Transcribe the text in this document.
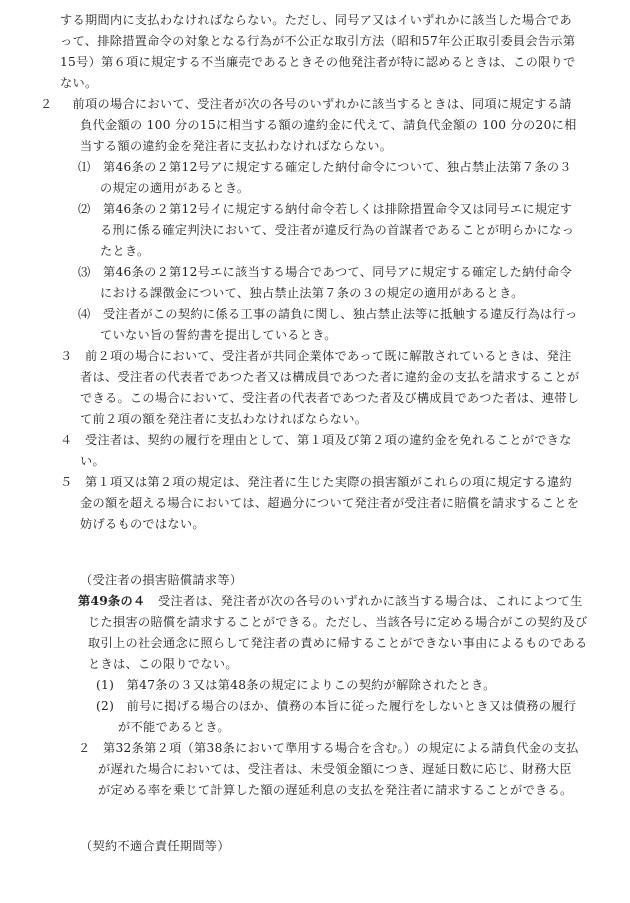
する期間内に支払わなければならない。ただし、同号ア又はイいずれかに該当した場合であって、排除措置命令の対象となる行為が不公正な取引方法（昭和57年公正取引委員会告示第15号）第６項に規定する不当廉売であるときその他発注者が特に認めるときは、この限りでない。

２　 前項の場合において、受注者が次の各号のいずれかに該当するときは、同項に規定する請負代金額の 100 分の15に相当する額の違約金に代えて、請負代金額の 100 分の20に相当する額の違約金を発注者に支払わなければならない。

⑴　 第46条の２第12号アに規定する確定した納付命令について、独占禁止法第７条の３の規定の適用があるとき。

⑵　 第46条の２第12号イに規定する納付命令若しくは排除措置命令又は同号エに規定する刑に係る確定判決において、受注者が違反行為の首謀者であることが明らかになったとき。

⑶　 第46条の２第12号エに該当する場合であつて、同号アに規定する確定した納付命令における課徴金について、独占禁止法第７条の３の規定の適用があるとき。

⑷　 受注者がこの契約に係る工事の請負に関し、独占禁止法等に抵触する違反行為は行っていない旨の誓約書を提出しているとき。

３　 前２項の場合において、受注者が共同企業体であって既に解散されているときは、発注者は、受注者の代表者であつた者又は構成員であつた者に違約金の支払を請求することができる。この場合において、受注者の代表者であつた者及び構成員であつた者は、連帯して前２項の額を発注者に支払わなければならない。

４　 受注者は、契約の履行を理由として、第１項及び第２項の違約金を免れることができない。

５　 第１項又は第２項の規定は、発注者に生じた実際の損害額がこれらの項に規定する違約金の額を超える場合においては、超過分について発注者が受注者に賠償を請求することを妨げるものではない。

（受注者の損害賠償請求等）

第49条の４　 受注者は、発注者が次の各号のいずれかに該当する場合は、これによつて生じた損害の賠償を請求することができる。ただし、当該各号に定める場合がこの契約及び取引上の社会通念に照らして発注者の責めに帰することができない事由によるものであるときは、この限りでない。

(1)　 第47条の３又は第48条の規定によりこの契約が解除されたとき。

(2)　 前号に掲げる場合のほか、債務の本旨に従った履行をしないとき又は債務の履行が不能であるとき。

２　 第32条第２項（第38条において準用する場合を含む。）の規定による請負代金の支払が遅れた場合においては、受注者は、未受領金額につき、遅延日数に応じ、財務大臣が定める率を乗じて計算した額の遅延利息の支払を発注者に請求することができる。

（契約不適合責任期間等）
